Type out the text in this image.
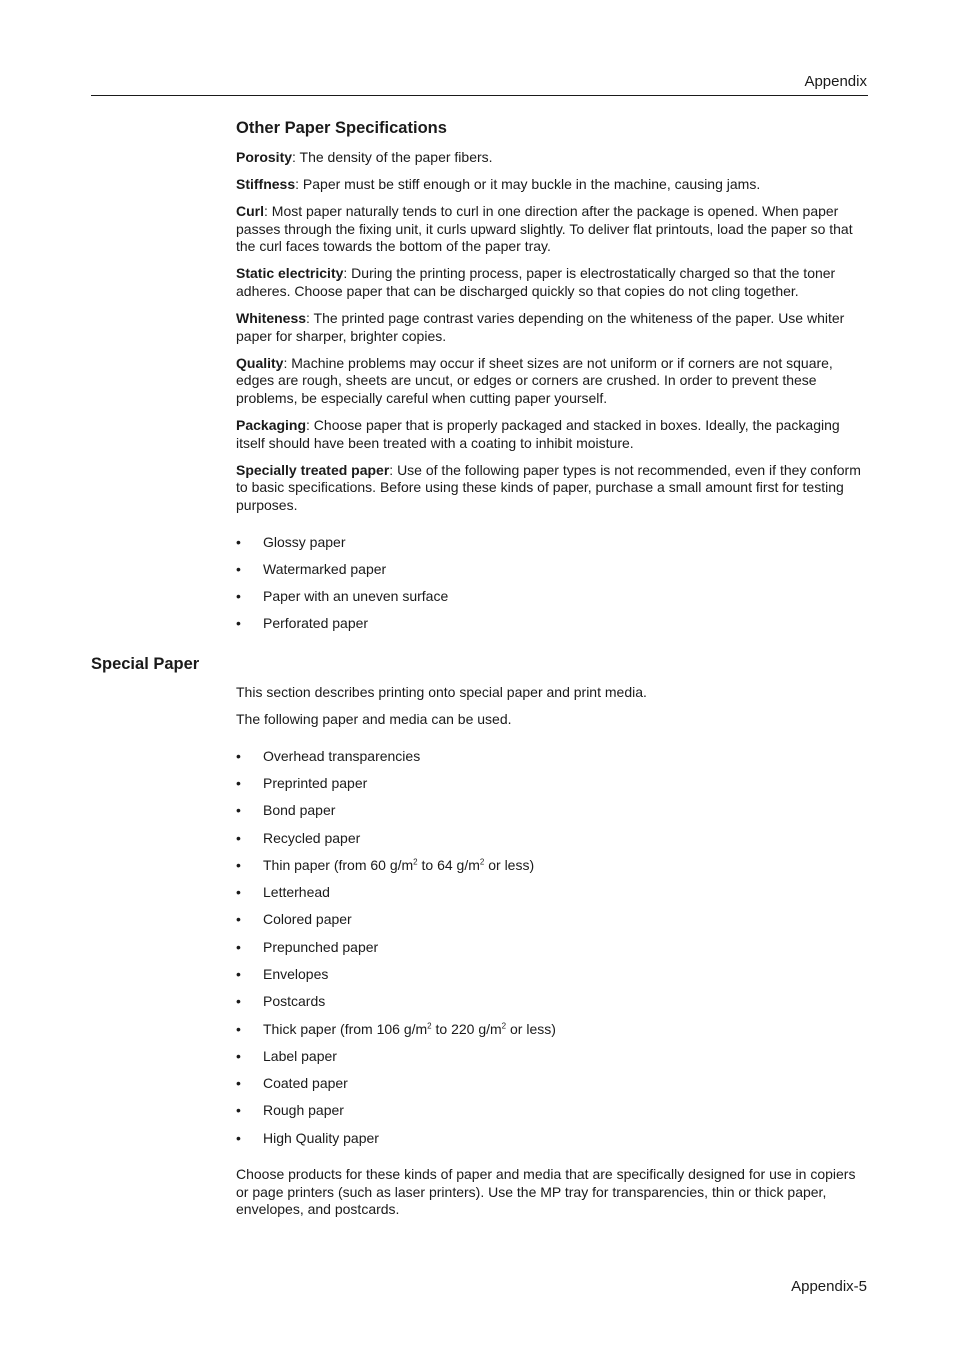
Appendix
Other Paper Specifications

Porosity: The density of the paper fibers.

Stiffness: Paper must be stiff enough or it may buckle in the machine, causing jams.

Curl: Most paper naturally tends to curl in one direction after the package is opened. When paper passes through the fixing unit, it curls upward slightly. To deliver flat printouts, load the paper so that the curl faces towards the bottom of the paper tray.

Static electricity: During the printing process, paper is electrostatically charged so that the toner adheres. Choose paper that can be discharged quickly so that copies do not cling together.

Whiteness: The printed page contrast varies depending on the whiteness of the paper. Use whiter paper for sharper, brighter copies.

Quality: Machine problems may occur if sheet sizes are not uniform or if corners are not square, edges are rough, sheets are uncut, or edges or corners are crushed. In order to prevent these problems, be especially careful when cutting paper yourself.

Packaging: Choose paper that is properly packaged and stacked in boxes. Ideally, the packaging itself should have been treated with a coating to inhibit moisture.

Specially treated paper: Use of the following paper types is not recommended, even if they conform to basic specifications. Before using these kinds of paper, purchase a small amount first for testing purposes.

• Glossy paper
• Watermarked paper
• Paper with an uneven surface
• Perforated paper
Special Paper

This section describes printing onto special paper and print media.

The following paper and media can be used.

• Overhead transparencies
• Preprinted paper
• Bond paper
• Recycled paper
• Thin paper (from 60 $g/m^2$ to 64 $g/m^2$ or less)
• Letterhead
• Colored paper
• Prepunched paper
• Envelopes
• Postcards
• Thick paper (from 106 $g/m^2$ to 220 $g/m^2$ or less)
• Label paper
• Coated paper
• Rough paper
• High Quality paper

Choose products for these kinds of paper and media that are specifically designed for use in copiers or page printers (such as laser printers). Use the MP tray for transparencies, thin or thick paper, envelopes, and postcards.

Appendix-5
